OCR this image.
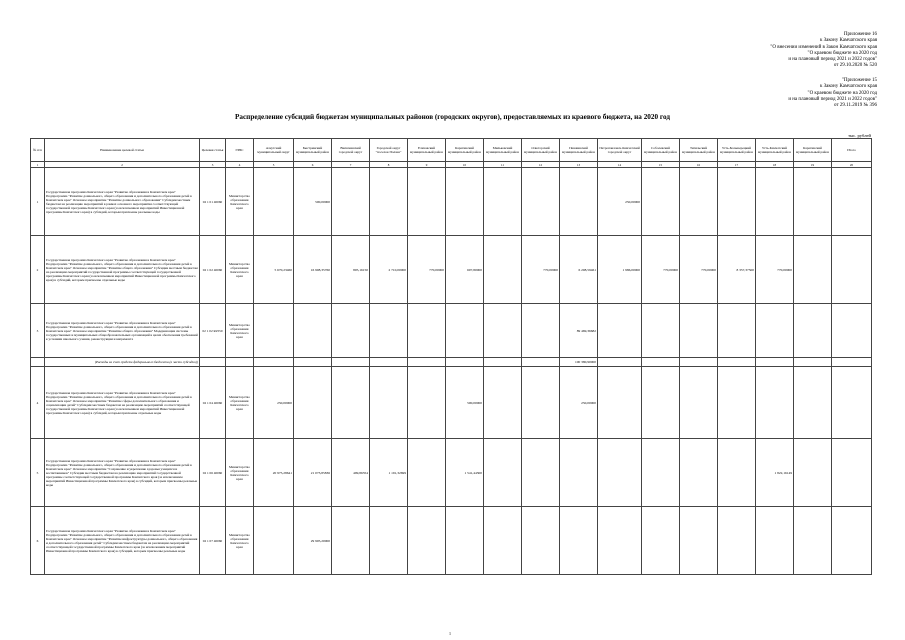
Приложение 16
к Закону Камчатского края
"О внесении изменений в Закон Камчатского края
"О краевом бюджете на 2020 год
и на плановый период 2021 и 2022 годов"
от 29.10.2020 № 520
"Приложение 15
к Закону Камчатского края
"О краевом бюджете на 2020 год
и на плановый период 2021 и 2022 годов"
от 29.11.2019 № 396
Распределение субсидий бюджетам муниципальных районов (городских округов), предоставляемых из краевого бюджета, на 2020 год
тыс. рублей
№ п/п	Наименование целевой статьи	Целевая статья	ГРБС	Алеутский муниципальный округ	Быстринский муниципальный район	Вилючинский городской округ	Городской округ "поселок Палана"	Елизовский муниципальный район	Карагинский муниципальный район	Мильковский муниципальный район	Олюторский муниципальный район	Пенжинский муниципальный район	Петропавловск-Камчатский городской округ	Соболевский муниципальный район	Тигильский муниципальный район	Усть-Большерецкий муниципальный район	Усть-Камчатский муниципальный район	Карагинский муниципальный район	Итого	
1	2	3	4	5	6	7	8	9	10	11	12	13	14	15	16	17	18	19	20	
1	Государственная программа Камчатского края "Развитие образования в Камчатском крае" Подпрограмма "Развитие дошкольного, общего образования и дополнительного образования детей в Камчатском крае" Основное мероприятие "Развитие дошкольного образования" Субсидии местным бюджетам на реализацию мероприятий в рамках основного мероприятия соответствующей государственной программы Камчатского края (за исключением мероприятий Инвестиционной программы Камчатского края) в субсидий, которым присвоены реальные коды	02 1 01 40060	Министерство образования Камчатского края		500,00000								250,00000							
2	Государственная программа Камчатского края "Развитие образования в Камчатском крае" Подпрограмма "Развитие дошкольного, общего образования и дополнительного образования детей в Камчатском крае" Основное мероприятие "Развитие общего образования" Субсидии местным бюджетам на реализацию мероприятий государственной программы соответствующей государственной программы Камчатского края (за исключением мероприятий Инвестиционной программы Камчатского края) в субсидий, которым присвоены отдельные коды	02 1 02 40060	Министерство образования Камчатского края	5 670,23460	16 908,35760	805,16150	2 710,00000	770,00000	607,80000		770,00000	6 208,59461	1 986,00000	770,00000	770,00000	8 357,37500	770,00000			
3	Государственная программа Камчатского края "Развитие образования в Камчатском крае" Подпрограмма "Развитие дошкольного, общего образования и дополнительного образования детей в Камчатском крае" Основное мероприятие "Развитие общего образования" Модернизация системы государственных и муниципальных общеобразовательных организаций в целях обеспечения требований к условиям школьного учения, реконструкции и капремонта	02 1 02 R2550	Министерство образования Камчатского края									89 469,36682								
	(Расходы за счет средств федерального бюджета (в части субсидии))											100 380,90000								
4	Государственная программа Камчатского края "Развитие образования в Камчатском крае" Подпрограмма "Развитие дошкольного, общего образования и дополнительного образования детей в Камчатском крае" Основное мероприятие "Развитие сферы дополнительного образования и социализации детей" Субсидии местным бюджетам на реализацию мероприятий соответствующей государственной программы Камчатского края (за исключением мероприятий Инвестиционной программы Камчатского края) в субсидий, которым присвоены отдельные коды	02 1 04 40060	Министерство образования Камчатского края	250,00000					500,00000			250,00000								
5	Государственная программа Камчатского края "Развитие образования в Камчатском крае" Подпрограмма "Развитие дошкольного, общего образования и дополнительного образования детей в Камчатском крае" Основное мероприятие "Сохранение и укрепление здоровья учащихся и воспитанников" Субсидии местным бюджетам на реализацию мероприятий государственной программы соответствующей государственной программы Камчатского края (за исключением мероприятий Инвестиционной программы Камчатского края) в субсидий, которым присвоены реальные коды	02 1 06 40060	Министерство образования Камчатского края	20 975,28641	21 073,85836	499,86354	1 191,32699		1 541,44300								1 822,16149			
6	Государственная программа Камчатского края "Развитие образования в Камчатском крае" Подпрограмма "Развитие дошкольного, общего образования и дополнительного образования детей в Камчатском крае" Основное мероприятие "Развитие инфраструктуры дошкольного, общего образования и дополнительного образования детей" Субсидии местным бюджетам на реализацию мероприятий соответствующей государственной программы Камчатского края (за исключением мероприятий Инвестиционной программы Камчатского края) в субсидий, которым присвоены реальные коды	02 1 07 40060	Министерство образования Камчатского края		29 905,20000															
1
